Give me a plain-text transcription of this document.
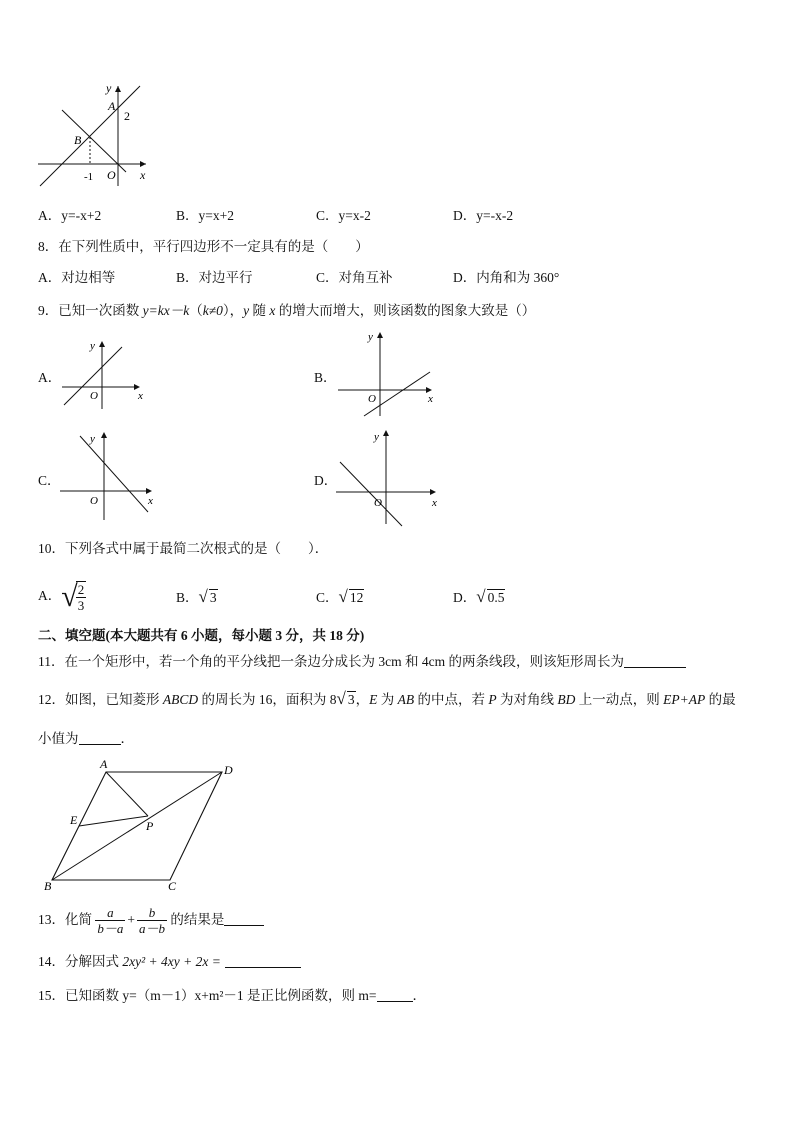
y
A
2
B
-1 O x
A．y=-x+2	B．y=x+2	C．y=x-2	D．y=-x-2
8．在下列性质中，平行四边形不一定具有的是（　　）
A．对边相等	B．对边平行	C．对角互补	D．内角和为 360°
9．已知一次函数 y=kx－k（k≠0），y 随 x 的增大而增大，则该函数的图象大致是（）
A．
y
O	x
B．
y
O	x
C．
y
O	x
D．
y
O	x
10．下列各式中属于最简二次根式的是（　　）．
A．√
$\frac{2}{3}$	B．√ 3	C．√ 12	D．√ 0.5
二、填空题(本大题共有 6 小题，每小题 3 分，共 18 分)
11．在一个矩形中，若一个角的平分线把一条边分成长为 3cm 和 4cm 的两条线段，则该矩形周长为
12．如图，已知菱形 ABCD 的周长为 16，面积为 8√ 3，E 为 AB 的中点，若 P 为对角线 BD 上一动点，则 EP+AP 的最
小值为	．
A	D
E	P
B	C
13．化简 $\frac{a}{b-a} + \frac{b}{a-b}$ 的结果是
14．分解因式 2xy² + 4xy + 2x =
15．已知函数 y=（m－1）x+m²－1 是正比例函数，则 m=	．
